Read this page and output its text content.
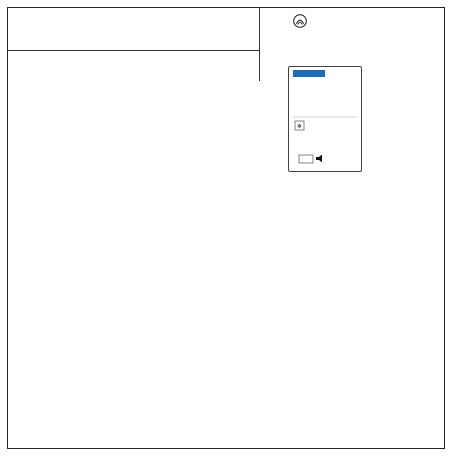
❄
